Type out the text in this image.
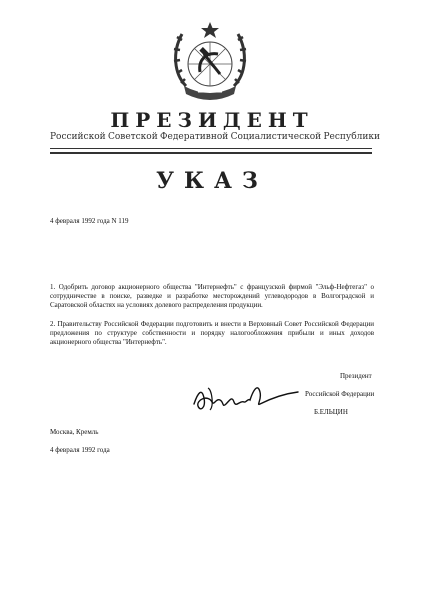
ПРЕЗИДЕНТ
Российской Советской Федеративной Социалистической Республики
УКАЗ
4 февраля 1992 года N 119
1. Одобрить договор акционерного общества "Интернефть" с французской фирмой "Эльф-Нефтегаз" о сотрудничестве в поиске, разведке и разработке месторождений углеводородов в Волгоградской и Саратовской областях на условиях долевого распределения продукции.
2. Правительству Российской Федерации подготовить и внести в Верховный Совет Российской Федерации предложения по структуре собственности и порядку налогообложения прибыли и иных доходов акционерного общества "Интернефть".
Президент
Российской Федерации
Б.ЕЛЬЦИН
Москва, Кремль
4 февраля 1992 года
